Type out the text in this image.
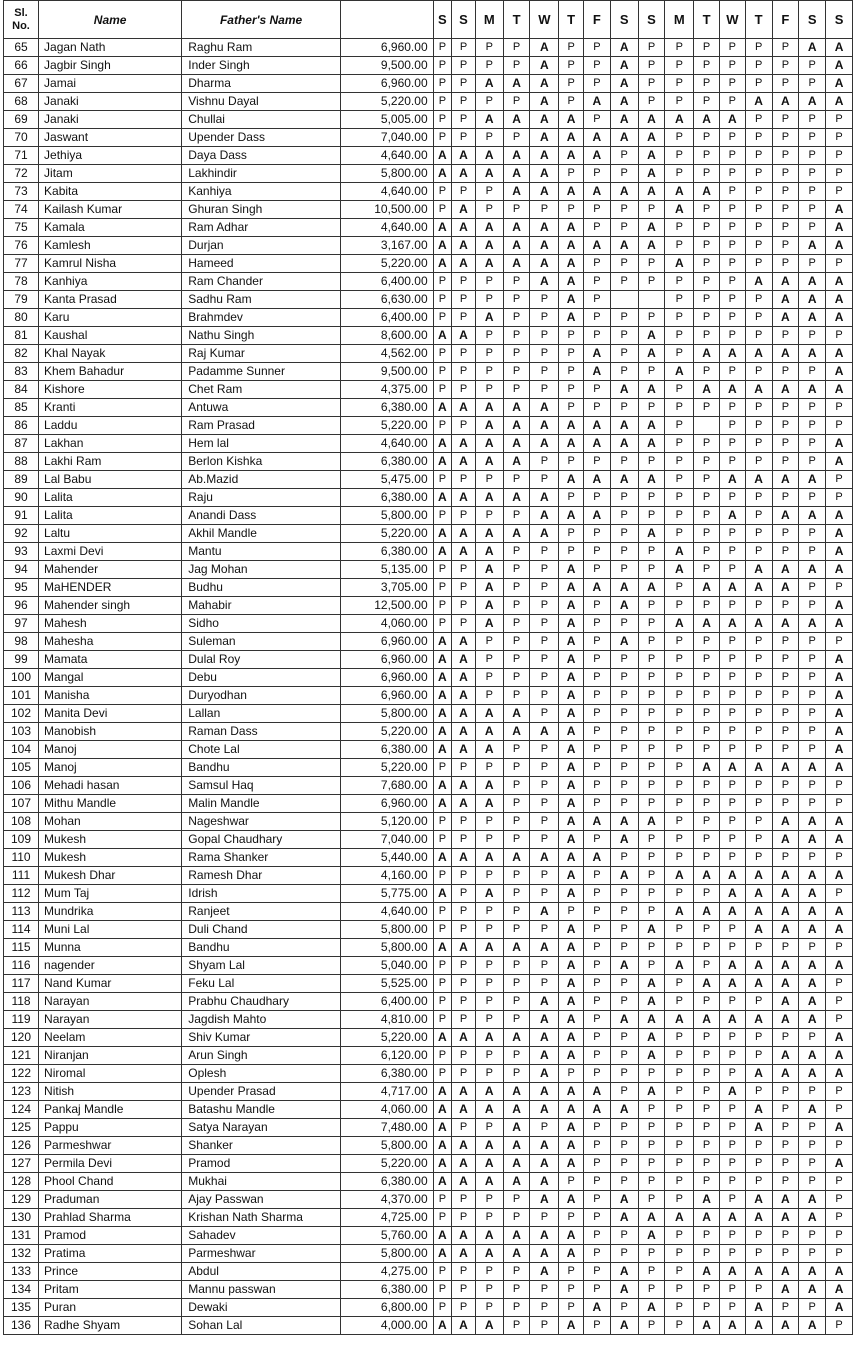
Sl.
No.	Name	Father's Name		S	S	M	T	W	T	F	S	S	M	T	W	T	F	S	S
65	Jagan Nath	Raghu Ram	6,960.00	P	P	P	P	A	P	P	A	P	P	P	P	P	P	A	A
66	Jagbir Singh	Inder Singh	9,500.00	P	P	P	P	A	P	P	A	P	P	P	P	P	P	P	A
67	Jamai	Dharma	6,960.00	P	P	A	A	A	P	P	A	P	P	P	P	P	P	P	A
68	Janaki	Vishnu Dayal	5,220.00	P	P	P	P	A	P	A	A	P	P	P	P	A	A	A	A
69	Janaki	Chullai	5,005.00	P	P	A	A	A	A	P	A	A	A	A	A	P	P	P	P
70	Jaswant	Upender Dass	7,040.00	P	P	P	P	A	A	A	A	A	P	P	P	P	P	P	P
71	Jethiya	Daya Dass	4,640.00	A	A	A	A	A	A	A	P	A	P	P	P	P	P	P	P
72	Jitam	Lakhindir	5,800.00	A	A	A	A	A	P	P	P	A	P	P	P	P	P	P	P
73	Kabita	Kanhiya	4,640.00	P	P	P	A	A	A	A	A	A	A	A	P	P	P	P	P
74	Kailash Kumar	Ghuran Singh	10,500.00	P	A	P	P	P	P	P	P	P	A	P	P	P	P	P	A
75	Kamala	Ram Adhar	4,640.00	A	A	A	A	A	A	P	P	A	P	P	P	P	P	P	A
76	Kamlesh	Durjan	3,167.00	A	A	A	A	A	A	A	A	A	P	P	P	P	P	A	A
77	Kamrul Nisha	Hameed	5,220.00	A	A	A	A	A	A	P	P	P	A	P	P	P	P	P	P
78	Kanhiya	Ram Chander	6,400.00	P	P	P	P	A	A	P	P	P	P	P	P	A	A	A	A
79	Kanta Prasad	Sadhu Ram	6,630.00	P	P	P	P	P	A	P			P	P	P	P	A	A	A
80	Karu	Brahmdev	6,400.00	P	P	A	P	P	A	P	P	P	P	P	P	P	A	A	A
81	Kaushal	Nathu Singh	8,600.00	A	A	P	P	P	P	P	P	A	P	P	P	P	P	P	P
82	Khal Nayak	Raj Kumar	4,562.00	P	P	P	P	P	P	A	P	A	P	A	A	A	A	A	A
83	Khem Bahadur	Padamme Sunner	9,500.00	P	P	P	P	P	P	A	P	P	A	P	P	P	P	P	A
84	Kishore	Chet Ram	4,375.00	P	P	P	P	P	P	P	A	A	P	A	A	A	A	A	A
85	Kranti	Antuwa	6,380.00	A	A	A	A	A	P	P	P	P	P	P	P	P	P	P	P
86	Laddu	Ram Prasad	5,220.00	P	P	A	A	A	A	A	A	A	P		P	P	P	P	P
87	Lakhan	Hem lal	4,640.00	A	A	A	A	A	A	A	A	A	P	P	P	P	P	P	A
88	Lakhi Ram	Berlon Kishka	6,380.00	A	A	A	A	P	P	P	P	P	P	P	P	P	P	P	A
89	Lal Babu	Ab.Mazid	5,475.00	P	P	P	P	P	A	A	A	A	P	P	A	A	A	A	P
90	Lalita	Raju	6,380.00	A	A	A	A	A	P	P	P	P	P	P	P	P	P	P	P
91	Lalita	Anandi Dass	5,800.00	P	P	P	P	A	A	A	P	P	P	P	A	P	A	A	A
92	Laltu	Akhil Mandle	5,220.00	A	A	A	A	A	P	P	P	A	P	P	P	P	P	P	A
93	Laxmi Devi	Mantu	6,380.00	A	A	A	P	P	P	P	P	P	A	P	P	P	P	P	A
94	Mahender	Jag Mohan	5,135.00	P	P	A	P	P	A	P	P	P	A	P	P	A	A	A	A
95	MaHENDER	Budhu	3,705.00	P	P	A	P	P	A	A	A	A	P	A	A	A	A	P	P
96	Mahender singh	Mahabir	12,500.00	P	P	A	P	P	A	P	A	P	P	P	P	P	P	P	A
97	Mahesh	Sidho	4,060.00	P	P	A	P	P	A	P	P	P	A	A	A	A	A	A	A
98	Mahesha	Suleman	6,960.00	A	A	P	P	P	A	P	A	P	P	P	P	P	P	P	P
99	Mamata	Dulal Roy	6,960.00	A	A	P	P	P	A	P	P	P	P	P	P	P	P	P	A
100	Mangal	Debu	6,960.00	A	A	P	P	P	A	P	P	P	P	P	P	P	P	P	A
101	Manisha	Duryodhan	6,960.00	A	A	P	P	P	A	P	P	P	P	P	P	P	P	P	A
102	Manita Devi	Lallan	5,800.00	A	A	A	A	P	A	P	P	P	P	P	P	P	P	P	A
103	Manobish	Raman Dass	5,220.00	A	A	A	A	A	A	P	P	P	P	P	P	P	P	P	A
104	Manoj	Chote Lal	6,380.00	A	A	A	P	P	A	P	P	P	P	P	P	P	P	P	A
105	Manoj	Bandhu	5,220.00	P	P	P	P	P	A	P	P	P	P	A	A	A	A	A	A
106	Mehadi hasan	Samsul Haq	7,680.00	A	A	A	P	P	A	P	P	P	P	P	P	P	P	P	P
107	Mithu Mandle	Malin Mandle	6,960.00	A	A	A	P	P	A	P	P	P	P	P	P	P	P	P	P
108	Mohan	Nageshwar	5,120.00	P	P	P	P	P	A	A	A	A	P	P	P	P	A	A	A
109	Mukesh	Gopal Chaudhary	7,040.00	P	P	P	P	P	A	P	A	P	P	P	P	P	A	A	A
110	Mukesh	Rama Shanker	5,440.00	A	A	A	A	A	A	A	P	P	P	P	P	P	P	P	P
111	Mukesh Dhar	Ramesh Dhar	4,160.00	P	P	P	P	P	A	P	A	P	A	A	A	A	A	A	A
112	Mum Taj	Idrish	5,775.00	A	P	A	P	P	A	P	P	P	P	P	A	A	A	A	P
113	Mundrika	Ranjeet	4,640.00	P	P	P	P	A	P	P	P	P	A	A	A	A	A	A	A
114	Muni Lal	Duli Chand	5,800.00	P	P	P	P	P	A	P	P	A	P	P	P	A	A	A	A
115	Munna	Bandhu	5,800.00	A	A	A	A	A	A	P	P	P	P	P	P	P	P	P	P
116	nagender	Shyam Lal	5,040.00	P	P	P	P	P	A	P	A	P	A	P	A	A	A	A	A
117	Nand Kumar	Feku Lal	5,525.00	P	P	P	P	P	A	P	P	A	P	A	A	A	A	A	P
118	Narayan	Prabhu Chaudhary	6,400.00	P	P	P	P	A	A	P	P	A	P	P	P	P	A	A	P
119	Narayan	Jagdish Mahto	4,810.00	P	P	P	P	A	A	P	A	A	A	A	A	A	A	A	P
120	Neelam	Shiv Kumar	5,220.00	A	A	A	A	A	A	P	P	A	P	P	P	P	P	P	A
121	Niranjan	Arun Singh	6,120.00	P	P	P	P	A	A	P	P	A	P	P	P	P	A	A	A
122	Niromal	Oplesh	6,380.00	P	P	P	P	A	P	P	P	P	P	P	P	A	A	A	A
123	Nitish	Upender Prasad	4,717.00	A	A	A	A	A	A	A	P	A	P	P	A	P	P	P	P
124	Pankaj Mandle	Batashu Mandle	4,060.00	A	A	A	A	A	A	A	A	P	P	P	P	A	P	A	P
125	Pappu	Satya Narayan	7,480.00	A	P	P	A	P	A	P	P	P	P	P	P	A	P	P	A
126	Parmeshwar	Shanker	5,800.00	A	A	A	A	A	A	P	P	P	P	P	P	P	P	P	P
127	Permila Devi	Pramod	5,220.00	A	A	A	A	A	A	P	P	P	P	P	P	P	P	P	A
128	Phool Chand	Mukhai	6,380.00	A	A	A	A	A	P	P	P	P	P	P	P	P	P	P	P
129	Praduman	Ajay Passwan	4,370.00	P	P	P	P	A	A	P	A	P	P	A	P	A	A	A	P
130	Prahlad Sharma	Krishan Nath Sharma	4,725.00	P	P	P	P	P	P	P	A	A	A	A	A	A	A	A	P
131	Pramod	Sahadev	5,760.00	A	A	A	A	A	A	P	P	A	P	P	P	P	P	P	P
132	Pratima	Parmeshwar	5,800.00	A	A	A	A	A	A	P	P	P	P	P	P	P	P	P	P
133	Prince	Abdul	4,275.00	P	P	P	P	A	P	P	A	P	P	A	A	A	A	A	A
134	Pritam	Mannu passwan	6,380.00	P	P	P	P	P	P	P	A	P	P	P	P	P	A	A	A
135	Puran	Dewaki	6,800.00	P	P	P	P	P	P	A	P	A	P	P	P	A	P	P	A
136	Radhe Shyam	Sohan Lal	4,000.00	A	A	A	P	P	A	P	A	P	P	A	A	A	A	A	P
